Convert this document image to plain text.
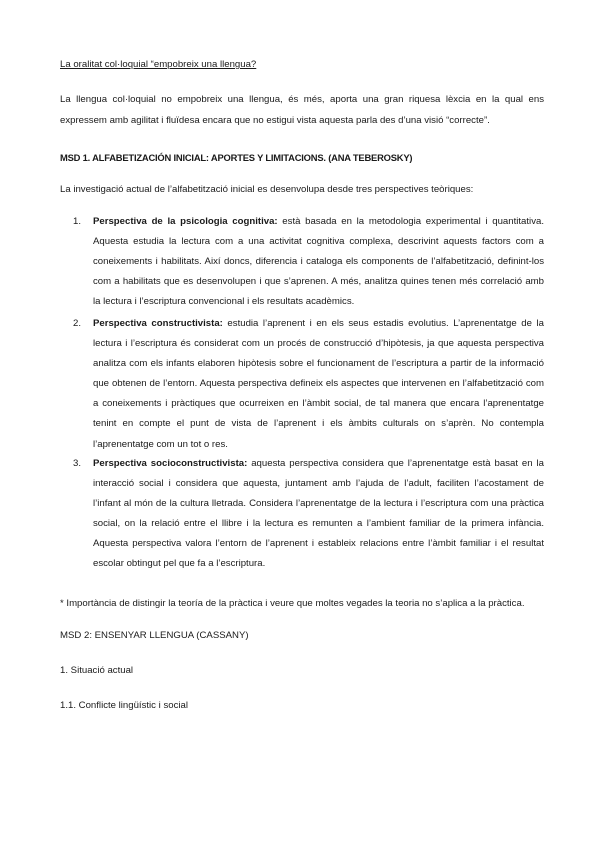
La oralitat col·loquial “empobreix una llengua?
La llengua col·loquial no empobreix una llengua, és més, aporta una gran riquesa lèxcia en la qual ens expressem amb agilitat i fluïdesa encara que no estigui vista aquesta parla des d’una visió “correcte”.
MSD 1. ALFABETIZACIÓN INICIAL: APORTES Y LIMITACIONS. (ANA TEBEROSKY)
La investigació actual de l’alfabetització inicial es desenvolupa desde tres perspectives teòriques:
1. Perspectiva de la psicologia cognitiva: està basada en la metodologia experimental i quantitativa. Aquesta estudia la lectura com a una activitat cognitiva complexa, descrivint aquests factors com a coneixements i habilitats. Així doncs, diferencia i cataloga els components de l’alfabetització, definint-los com a habilitats que es desenvolupen i que s’aprenen. A més, analitza quines tenen més correlació amb la lectura i l’escriptura convencional i els resultats acadèmics.
2. Perspectiva constructivista: estudia l’aprenent i en els seus estadis evolutius. L’aprenentatge de la lectura i l’escriptura és considerat com un procés de construcció d’hipòtesis, ja que aquesta perspectiva analitza com els infants elaboren hipòtesis sobre el funcionament de l’escriptura a partir de la informació que obtenen de l’entorn. Aquesta perspectiva defineix els aspectes que intervenen en l’alfabetització com a coneixements i pràctiques que ocurreixen en l’àmbit social, de tal manera que encara l’aprenentatge tenint en compte el punt de vista de l’aprenent i els àmbits culturals on s’aprèn. No contempla l’aprenentatge com un tot o res.
3. Perspectiva socioconstructivista: aquesta perspectiva considera que l’aprenentatge està basat en la interacció social i considera que aquesta, juntament amb l’ajuda de l’adult, faciliten l’acostament de l’infant al món de la cultura lletrada. Considera l’aprenentatge de la lectura i l’escriptura com una pràctica social, on la relació entre el llibre i la lectura es remunten a l’ambient familiar de la primera infància. Aquesta perspectiva valora l’entorn de l’aprenent i estableix relacions entre l’àmbit familiar i el resultat escolar obtingut pel que fa a l’escriptura.
* Importància de distingir la teoría de la pràctica i veure que moltes vegades la teoria no s’aplica a la pràctica.
MSD 2: ENSENYAR LLENGUA (CASSANY)
1. Situació actual
1.1. Conflicte lingüístic i social
